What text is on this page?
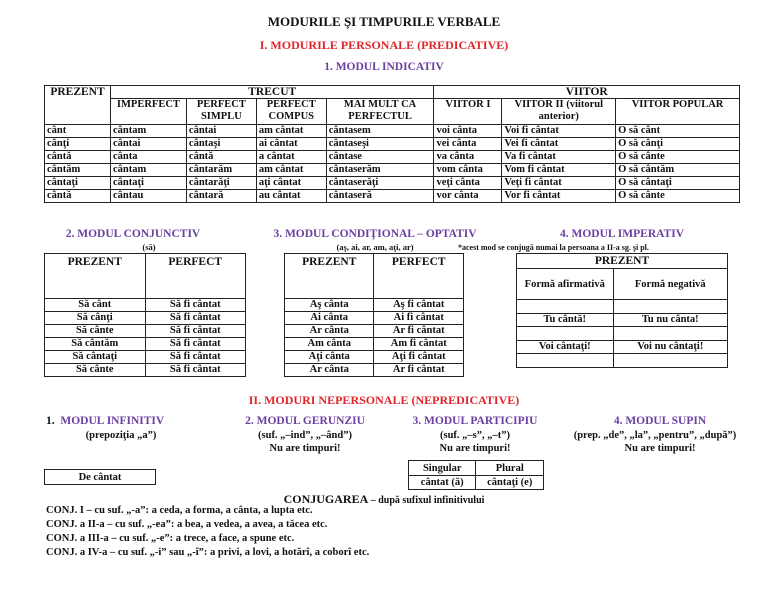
MODURILE ŞI TIMPURILE VERBALE
I. MODURILE PERSONALE (PREDICATIVE)
1. MODUL INDICATIV
PREZENT	TRECUT				VIITOR		
	IMPERFECT	PERFECT SIMPLU	PERFECT COMPUS	MAI MULT CA PERFECTUL	VIITOR I	VIITOR II (viitorul anterior)	VIITOR POPULAR
cânt	cântam	cântai	am cântat	cântasem	voi cânta	Voi fi cântat	O să cânt
cânţi	cântai	cântaşi	ai cântat	cântaseşi	vei cânta	Vei fi cântat	O să cânţi
cântă	cânta	cântă	a cântat	cântase	va cânta	Va fi cântat	O să cânte
cântăm	cântam	cântarăm	am cântat	cântaserăm	vom cânta	Vom fi cântat	O să cântăm
cântaţi	cântaţi	cântarăţi	aţi cântat	cântaserăţi	veţi cânta	Veţi fi cântat	O să cântaţi
cântă	cântau	cântară	au cântat	cântaseră	vor cânta	Vor fi cântat	O să cânte
2. MODUL CONJUNCTIV
(să)
3. MODUL CONDIŢIONAL – OPTATIV
(aş, ai, ar, am, aţi, ar)
4. MODUL IMPERATIV
*acest mod se conjugă numai la persoana a II-a sg. şi pl.
PREZENT	PERFECT
Să cânt	Să fi cântat
Să cânţi	Să fi cântat
Să cânte	Să fi cântat
Să cântăm	Să fi cântat
Să cântaţi	Să fi cântat
Să cânte	Să fi cântat
PREZENT	PERFECT
Aş cânta	Aş fi cântat
Ai cânta	Ai fi cântat
Ar cânta	Ar fi cântat
Am cânta	Am fi cântat
Aţi cânta	Aţi fi cântat
Ar cânta	Ar fi cântat
PREZENT	
Formă afirmativă	Formă negativă

Tu cântă!	Tu nu cânta!

Voi cântaţi!	Voi nu cântaţi!

II. MODURI NEPERSONALE (NEPREDICATIVE)
1. MODUL INFINITIV
(prepoziţia „a”)
2. MODUL GERUNZIU
(suf. „–ind”, „–ând”)
Nu are timpuri!
3. MODUL PARTICIPIU
(suf. „–s”, „–t”)
Nu are timpuri!
4. MODUL SUPIN
(prep. „de”, „la”, „pentru”, „după”)
Nu are timpuri!
De cântat
Singular	Plural
cântat (ă)	cântaţi (e)
CONJUGAREA – după sufixul infinitivului
CONJ. I – cu suf. „-a”: a ceda, a forma, a cânta, a lupta etc.
CONJ. a II-a – cu suf. „-ea”: a bea, a vedea, a avea, a tăcea etc.
CONJ. a III-a – cu suf. „-e”: a trece, a face, a spune etc.
CONJ. a IV-a – cu suf. „-i” sau „-î”: a privi, a lovi, a hotărî, a coborî etc.
